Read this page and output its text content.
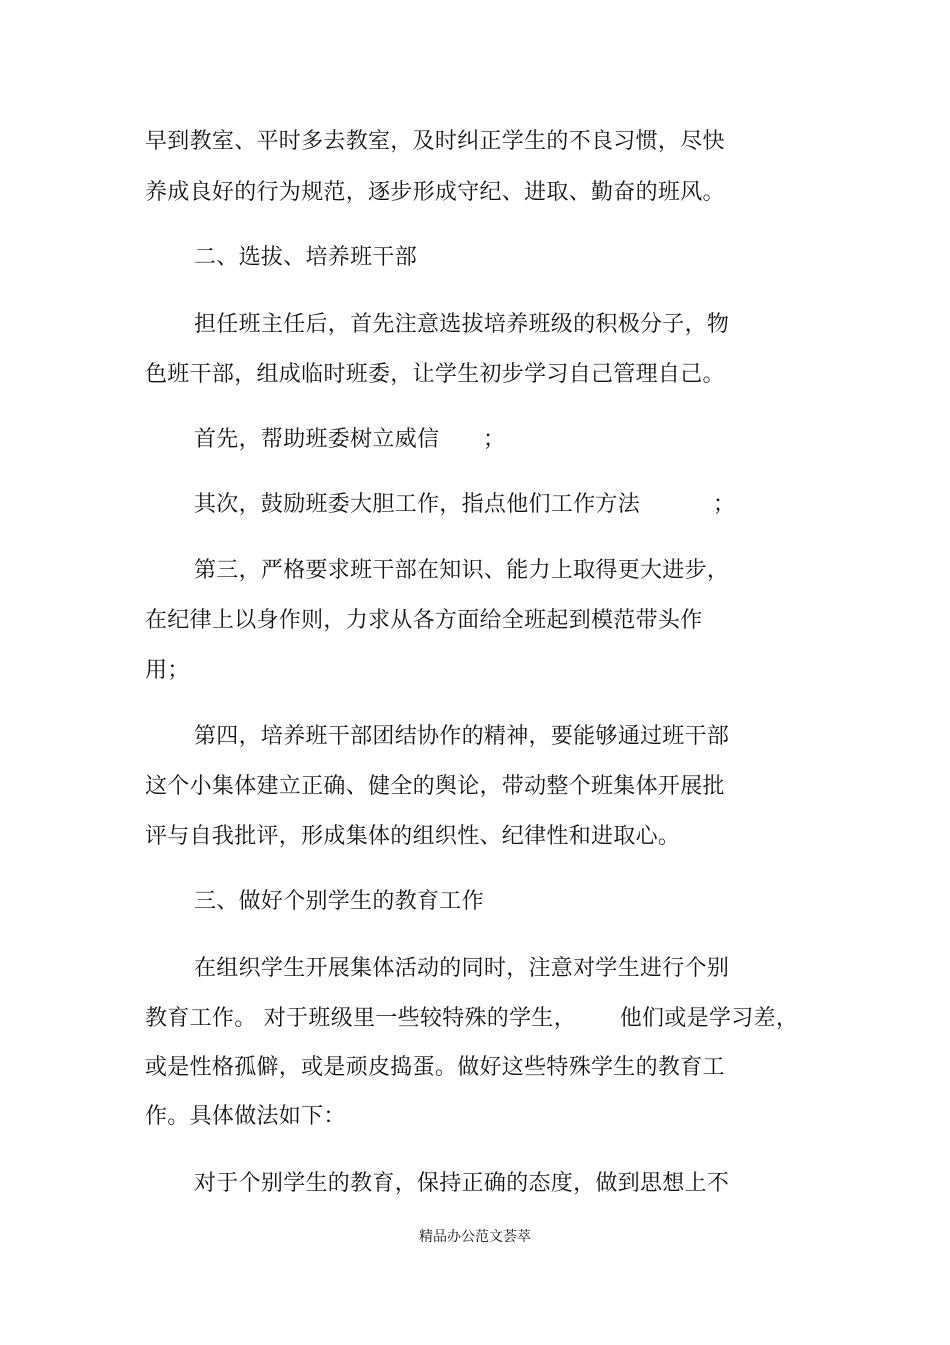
早到教室、平时多去教室，及时纠正学生的不良习惯，尽快
养成良好的行为规范，逐步形成守纪、进取、勤奋的班风。
二、选拔、培养班干部
担任班主任后，首先注意选拔培养班级的积极分子，物
色班干部，组成临时班委，让学生初步学习自己管理自己。
首先，帮助班委树立威信      ；
其次，鼓励班委大胆工作，指点他们工作方法          ；
第三，严格要求班干部在知识、能力上取得更大进步，
在纪律上以身作则，力求从各方面给全班起到模范带头作
用；
第四，培养班干部团结协作的精神，要能够通过班干部
这个小集体建立正确、健全的舆论，带动整个班集体开展批
评与自我批评，形成集体的组织性、纪律性和进取心。
三、做好个别学生的教育工作
在组织学生开展集体活动的同时，注意对学生进行个别
教育工作。 对于班级里一些较特殊的学生，      他们或是学习差，
或是性格孤僻，或是顽皮捣蛋。做好这些特殊学生的教育工
作。具体做法如下：
对于个别学生的教育，保持正确的态度，做到思想上不
精品办公范文荟萃
